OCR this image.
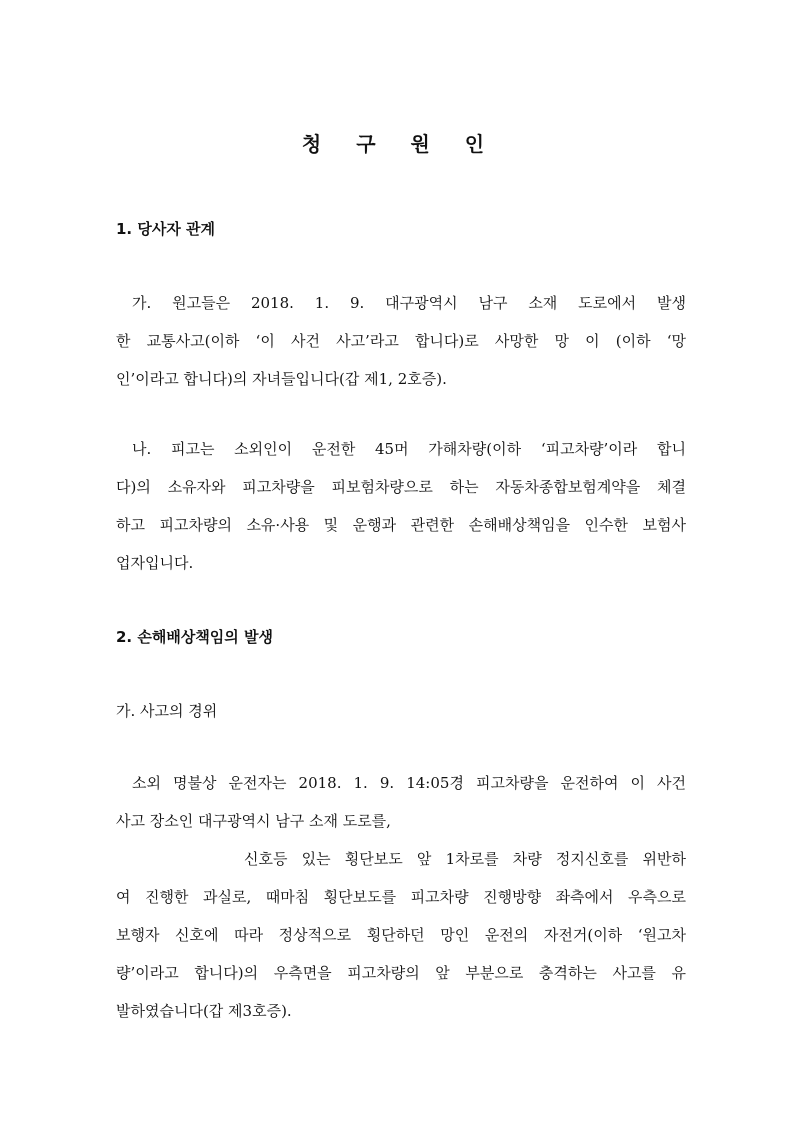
청 구 원 인
1. 당사자 관계
가. 원고들은 2018. 1. 9. 대구광역시 남구 소재 도로에서 발생
한 교통사고(이하 ‘이 사건 사고’라고 합니다)로 사망한 망 이 (이하 ‘망
인’이라고 합니다)의 자녀들입니다(갑 제1, 2호증).
나. 피고는 소외인이 운전한 45머 가해차량(이하 ‘피고차량’이라 합니
다)의 소유자와 피고차량을 피보험차량으로 하는 자동차종합보험계약을 체결
하고 피고차량의 소유·사용 및 운행과 관련한 손해배상책임을 인수한 보험사
업자입니다.
2. 손해배상책임의 발생
가. 사고의 경위
소외 명불상 운전자는 2018. 1. 9. 14:05경 피고차량을 운전하여 이 사건
사고 장소인 대구광역시 남구 소재 도로를,
신호등 있는 횡단보도 앞 1차로를 차량 정지신호를 위반하
여 진행한 과실로, 때마침 횡단보도를 피고차량 진행방향 좌측에서 우측으로
보행자 신호에 따라 정상적으로 횡단하던 망인 운전의 자전거(이하 ‘원고차
량’이라고 합니다)의 우측면을 피고차량의 앞 부분으로 충격하는 사고를 유
발하였습니다(갑 제3호증).
